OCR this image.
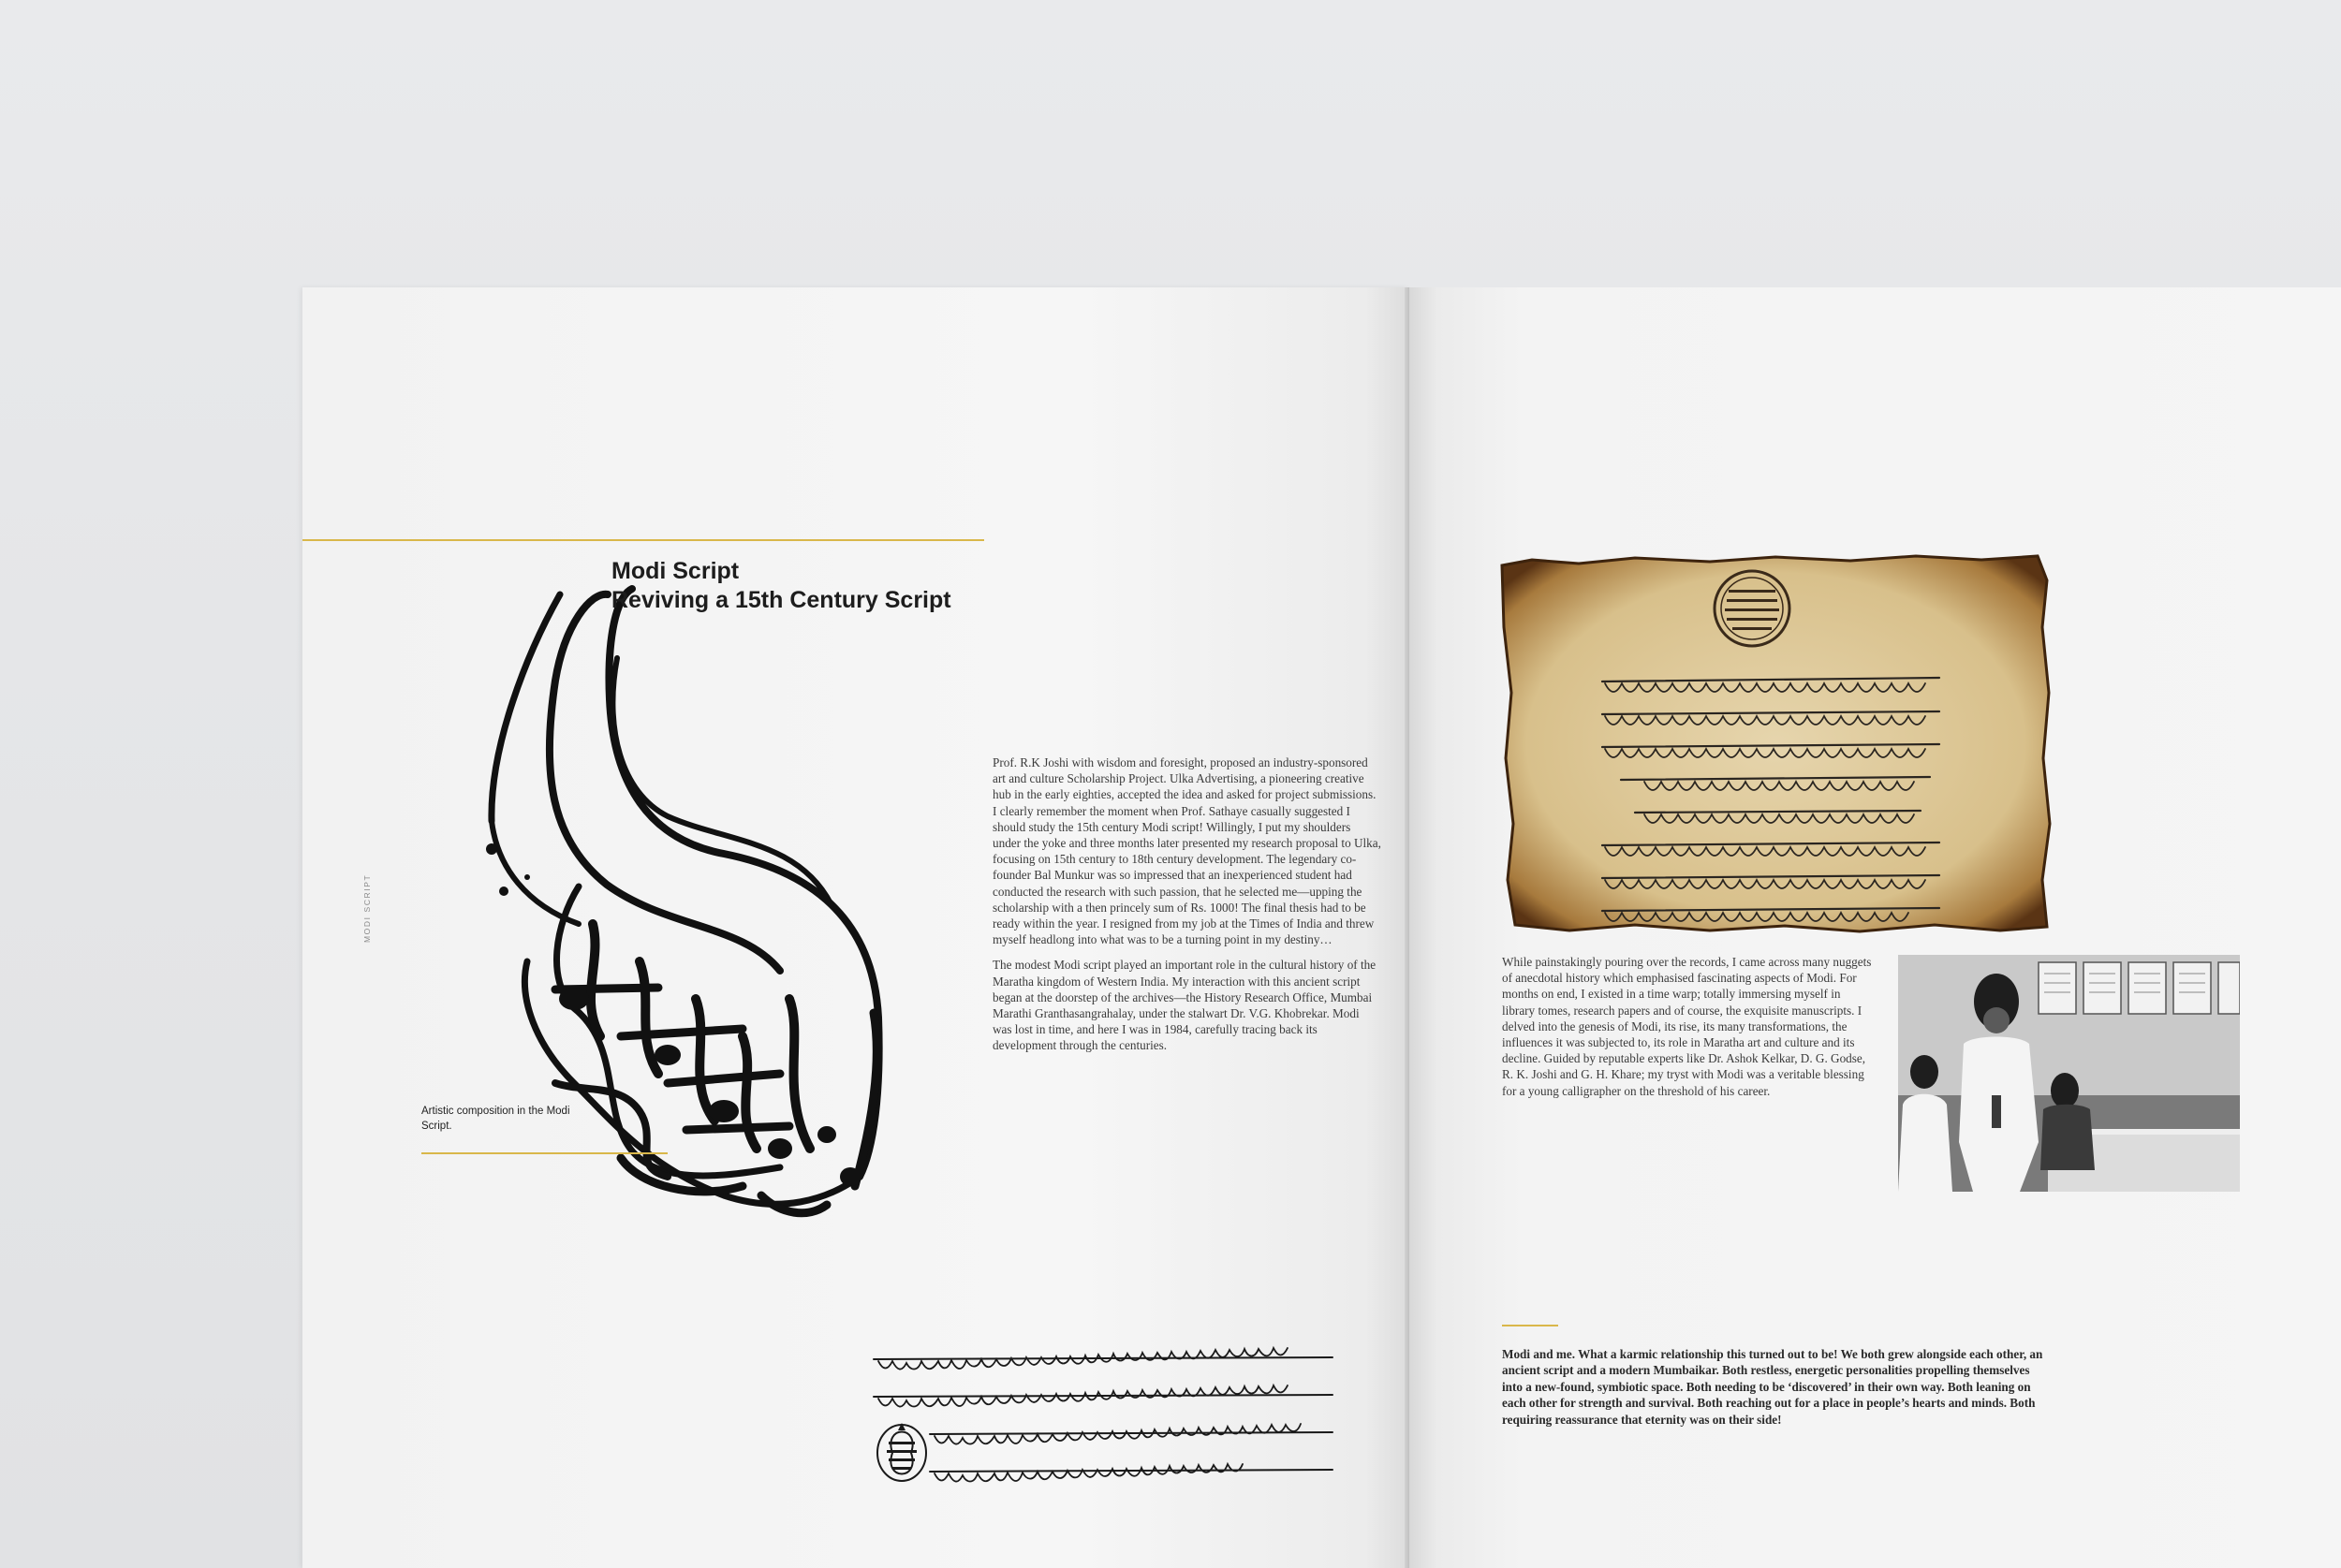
Modi Script
Reviving a 15th Century Script
MODI SCRIPT
Artistic composition in the Modi Script.

Prof. R.K Joshi with wisdom and foresight, proposed an industry-sponsored art and culture Scholarship Project. Ulka Advertising, a pioneering creative hub in the early eighties, accepted the idea and asked for project submissions. I clearly remember the moment when Prof. Sathaye casually suggested I should study the 15th century Modi script! Willingly, I put my shoulders under the yoke and three months later presented my research proposal to Ulka, focusing on 15th century to 18th century development. The legendary co-founder Bal Munkur was so impressed that an inexperienced student had conducted the research with such passion, that he selected me—upping the scholarship with a then princely sum of Rs. 1000! The final thesis had to be ready within the year. I resigned from my job at the Times of India and threw myself headlong into what was to be a turning point in my destiny…

The modest Modi script played an important role in the cultural history of the Maratha kingdom of Western India. My interaction with this ancient script began at the doorstep of the archives—the History Research Office, Mumbai Marathi Granthasangrahalay, under the stalwart Dr. V.G. Khobrekar. Modi was lost in time, and here I was in 1984, carefully tracing back its development through the centuries.

While painstakingly pouring over the records, I came across many nuggets of anecdotal history which emphasised fascinating aspects of Modi. For months on end, I existed in a time warp; totally immersing myself in library tomes, research papers and of course, the exquisite manuscripts. I delved into the genesis of Modi, its rise, its many transformations, the influences it was subjected to, its role in Maratha art and culture and its decline. Guided by reputable experts like Dr. Ashok Kelkar, D. G. Godse, R. K. Joshi and G. H. Khare; my tryst with Modi was a veritable blessing for a young calligrapher on the threshold of his career.

Modi and me. What a karmic relationship this turned out to be! We both grew alongside each other, an ancient script and a modern Mumbaikar. Both restless, energetic personalities propelling themselves into a new-found, symbiotic space. Both needing to be ‘discovered’ in their own way. Both leaning on each other for strength and survival. Both reaching out for a place in people’s hearts and minds. Both requiring reassurance that eternity was on their side!
